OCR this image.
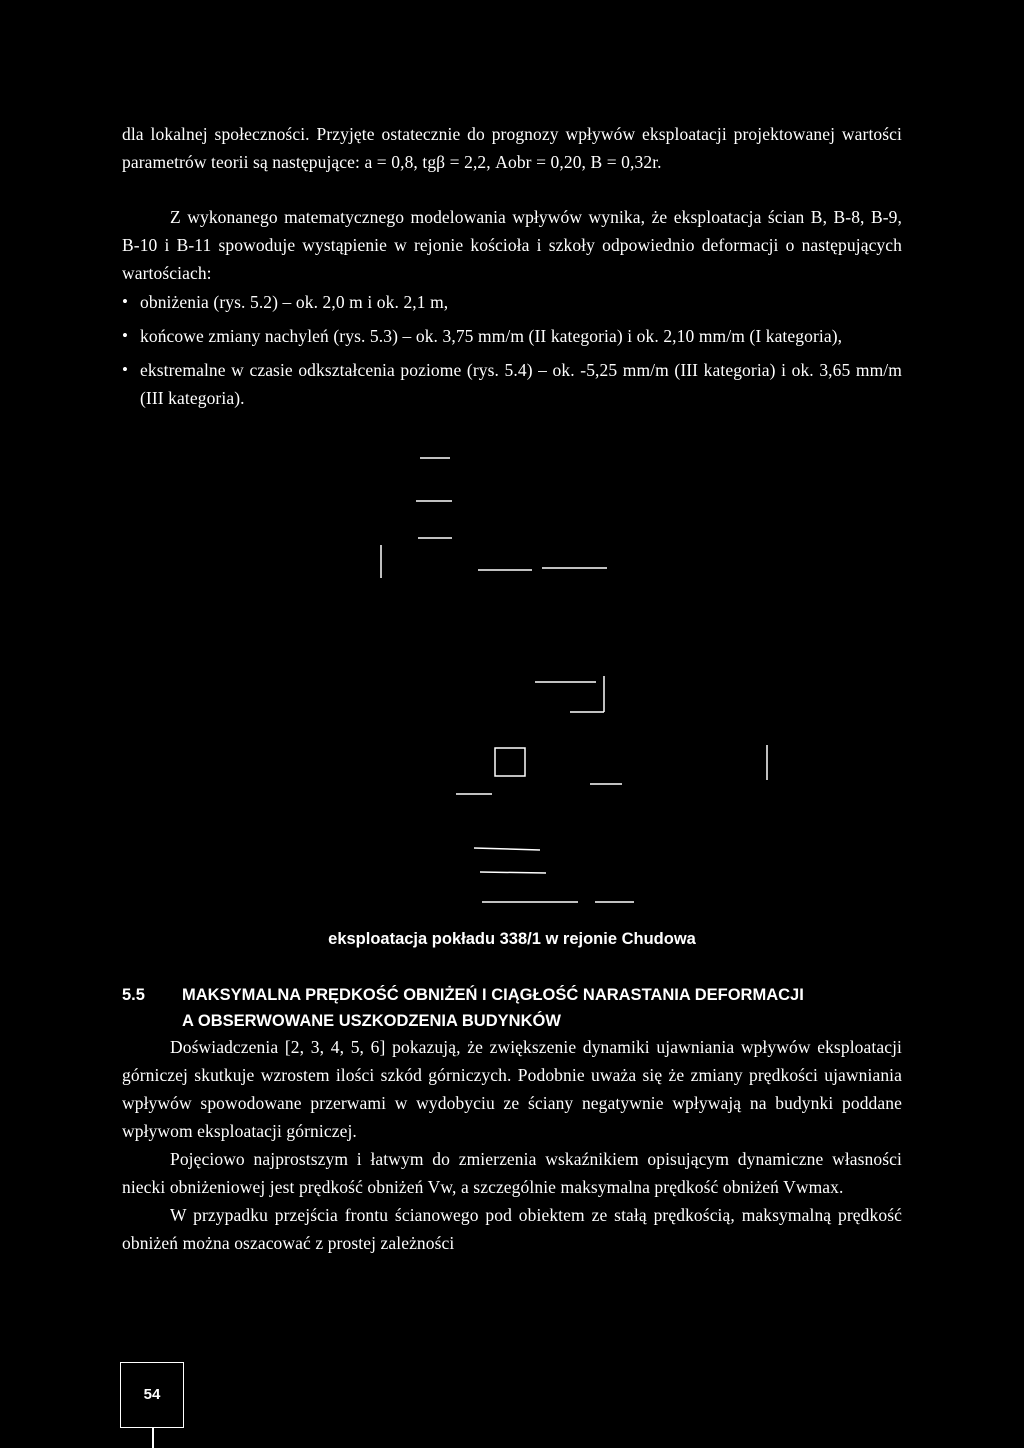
dla lokalnej społeczności. Przyjęte ostatecznie do prognozy wpływów eksploatacji projektowanej wartości parametrów teorii są następujące: a = 0,8, tgβ = 2,2, Aobr = 0,20, B = 0,32r.

Z wykonanego matematycznego modelowania wpływów wynika, że eksploatacja ścian B, B-8, B-9, B-10 i B-11 spowoduje wystąpienie w rejonie kościoła i szkoły odpowiednio deformacji o następujących wartościach:

• obniżenia (rys. 5.2) – ok. 2,0 m i ok. 2,1 m,
• końcowe zmiany nachyleń (rys. 5.3) – ok. 3,75 mm/m (II kategoria) i ok. 2,10 mm/m (I kategoria),
• ekstremalne w czasie odkształcenia poziome (rys. 5.4) – ok. -5,25 mm/m (III kategoria) i ok. 3,65 mm/m (III kategoria).
eksploatacja pokładu 338/1 w rejonie Chudowa
5.5 MAKSYMALNA PRĘDKOŚĆ OBNIŻEŃ I CIĄGŁOŚĆ NARASTANIA DEFORMACJI
A OBSERWOWANE USZKODZENIA BUDYNKÓW

Doświadczenia [2, 3, 4, 5, 6] pokazują, że zwiększenie dynamiki ujawniania wpływów eksploatacji górniczej skutkuje wzrostem ilości szkód górniczych. Podobnie uważa się że zmiany prędkości ujawniania wpływów spowodowane przerwami w wydobyciu ze ściany negatywnie wpływają na budynki poddane wpływom eksploatacji górniczej.

Pojęciowo najprostszym i łatwym do zmierzenia wskaźnikiem opisującym dynamiczne własności niecki obniżeniowej jest prędkość obniżeń Vw, a szczególnie maksymalna prędkość obniżeń Vwmax.

W przypadku przejścia frontu ścianowego pod obiektem ze stałą prędkością, maksymalną prędkość obniżeń można oszacować z prostej zależności

54
